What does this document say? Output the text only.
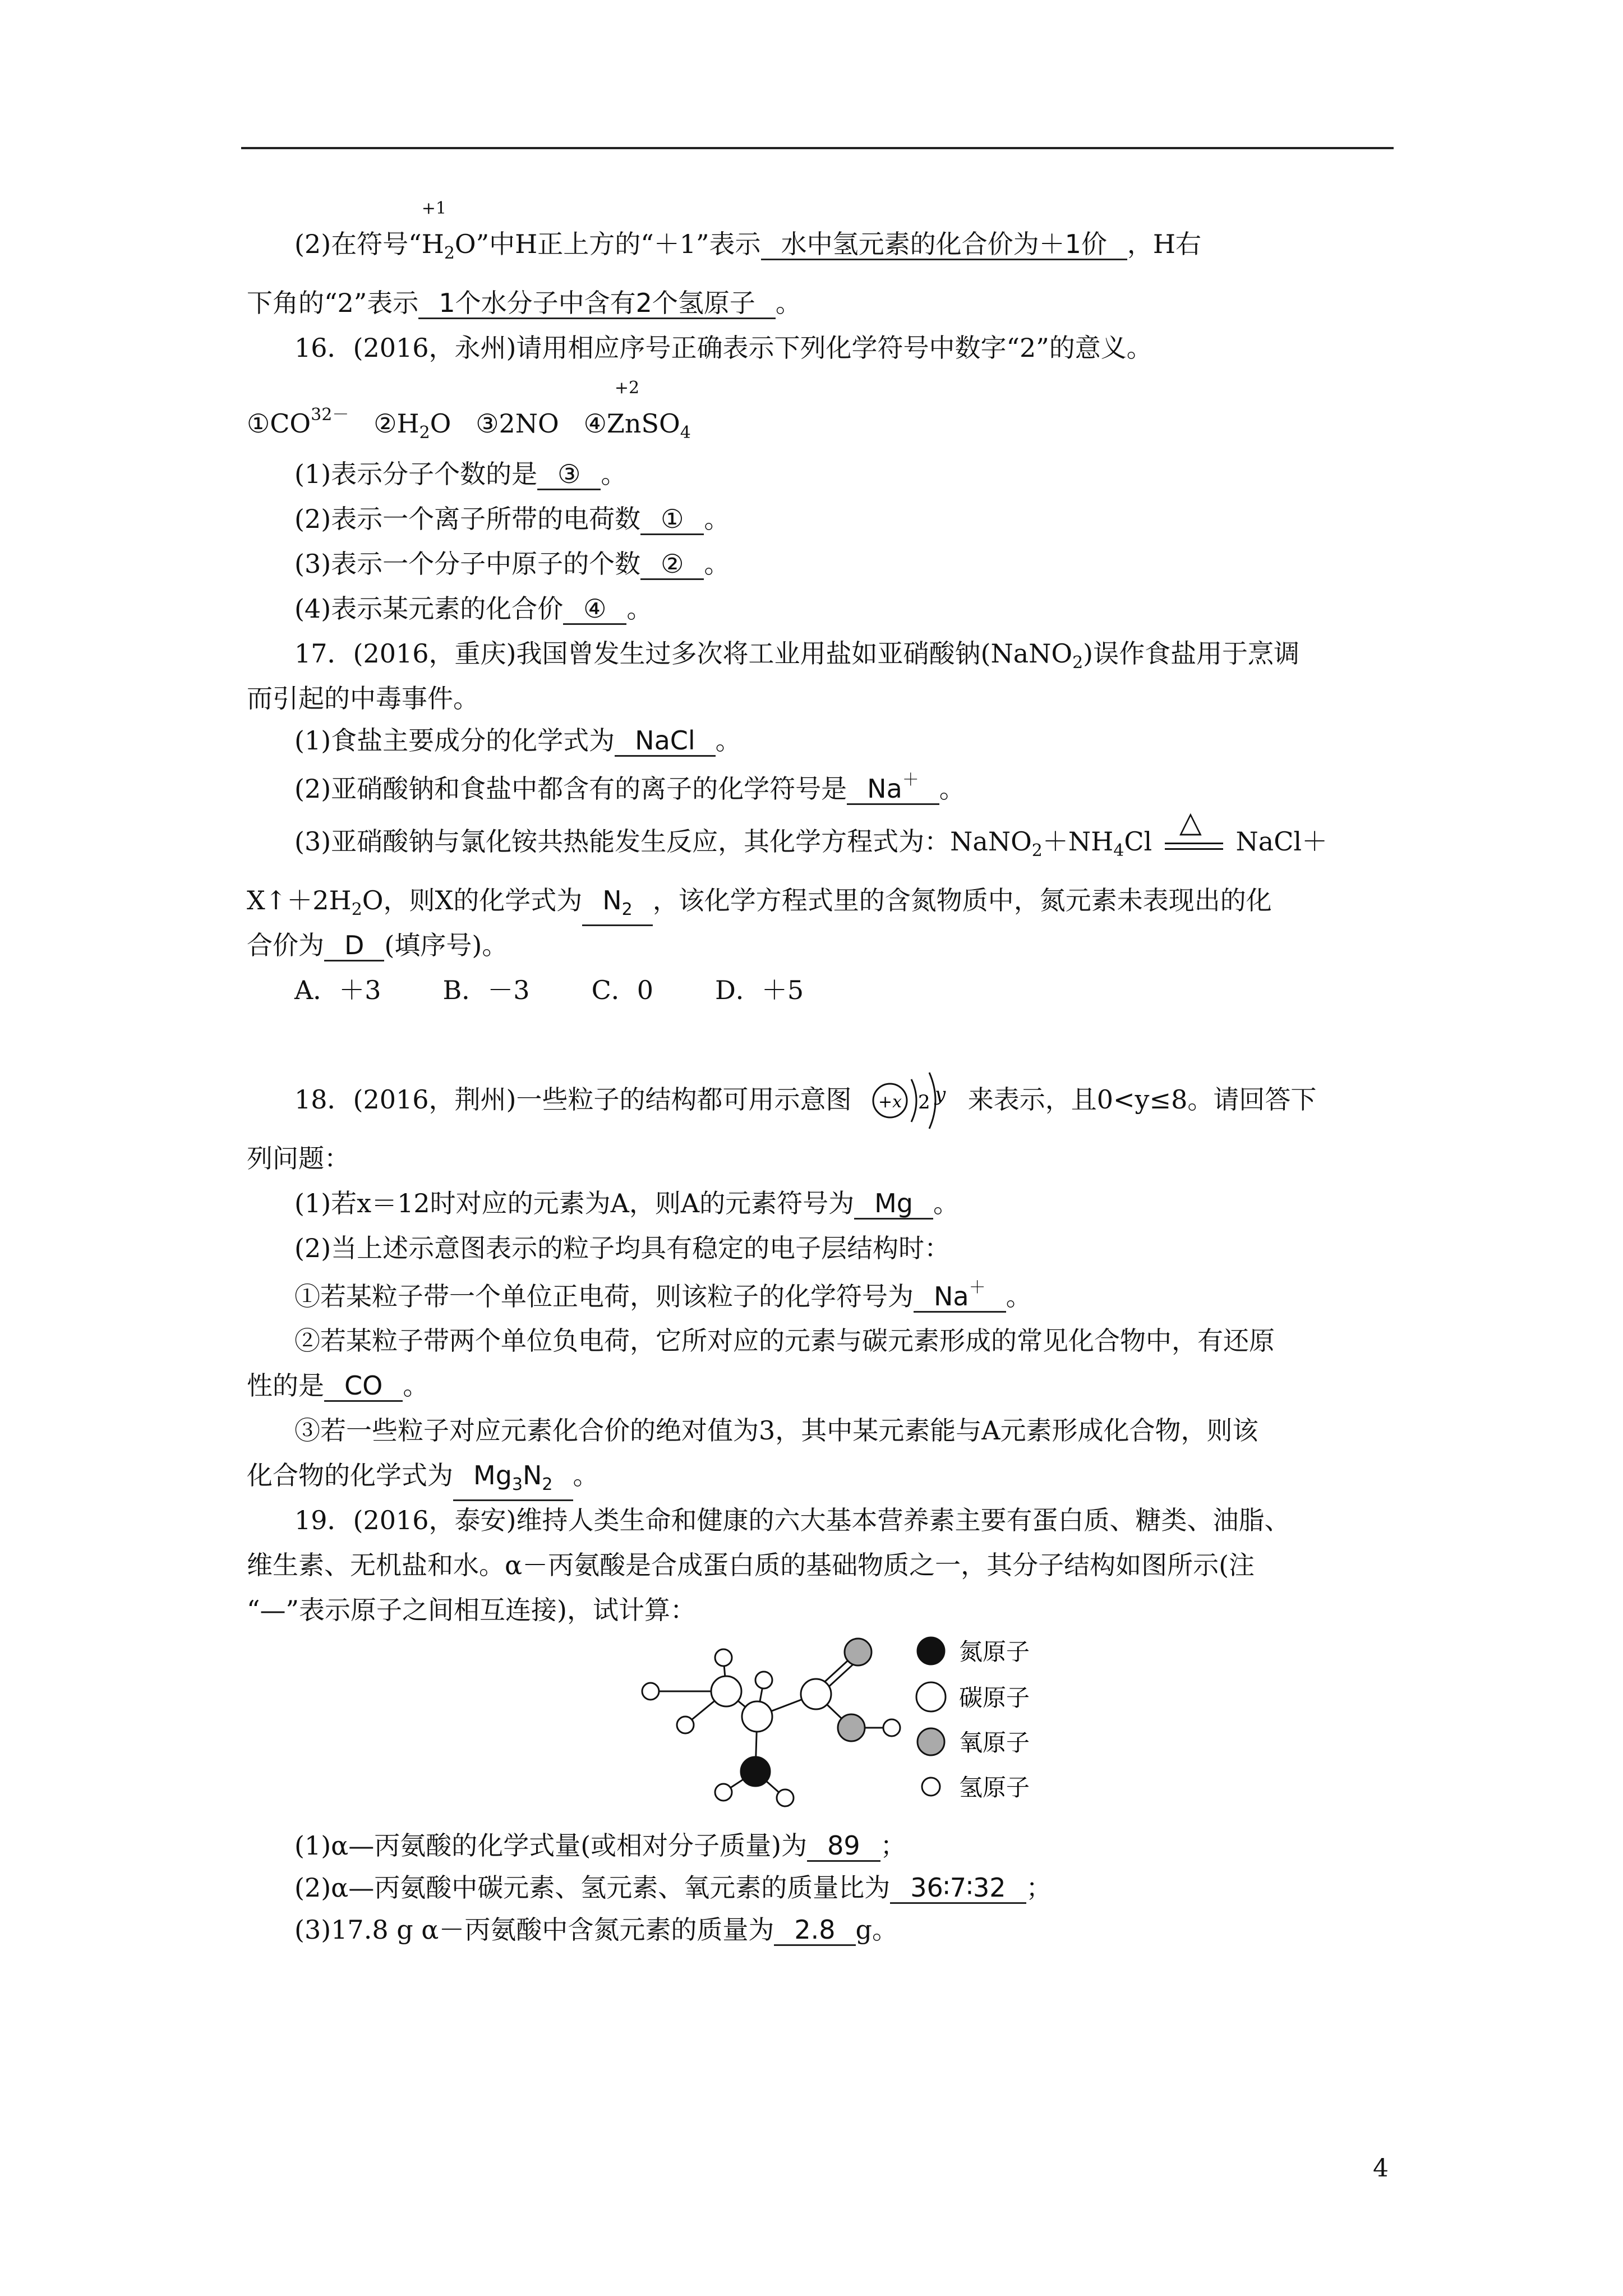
(2)在符号“
+1
$H_2O$”中H正上方的“＋1”表示 水中氢元素的化合价为＋1价 ，H右
下角的“2”表示 1个水分子中含有2个氢原子 。
16．(2016，永州)请用相应序号正确表示下列化学符号中数字“2”的意义。
$①CO^{32-}$ $②H_2O$ ③2NO ④
+2
ZnSO$_4$
(1)表示分子个数的是 ③ 。
(2)表示一个离子所带的电荷数 ① 。
(3)表示一个分子中原子的个数 ② 。
(4)表示某元素的化合价 ④ 。
17．(2016，重庆)我国曾发生过多次将工业用盐如亚硝酸钠(NaNO$_2$)误作食盐用于烹调
而引起的中毒事件。
(1)食盐主要成分的化学式为 NaCl 。
(2)亚硝酸钠和食盐中都含有的离子的化学符号是 Na＋ 。
(3)亚硝酸钠与氯化铵共热能发生反应，其化学方程式为：$NaNO_2+NH_4Cl$
△
NaCl＋
$X↑+2H_2O$，则X的化学式为 $N_2$ ，该化学方程式里的含氮物质中，氮元素未表现出的化
合价为 D (填序号)。
A．＋3 B．－3 C．0 D．＋5
18．(2016，荆州)一些粒子的结构都可用示意图 +x 2 y 来表示，且0<y≤8。请回答下
列问题：
(1)若x＝12时对应的元素为A，则A的元素符号为 Mg 。
(2)当上述示意图表示的粒子均具有稳定的电子层结构时：
①若某粒子带一个单位正电荷，则该粒子的化学符号为 Na＋ 。
②若某粒子带两个单位负电荷，它所对应的元素与碳元素形成的常见化合物中，有还原
性的是 CO 。
③若一些粒子对应元素化合价的绝对值为3，其中某元素能与A元素形成化合物，则该
化合物的化学式为 $Mg_3N_2$ 。
19．(2016，泰安)维持人类生命和健康的六大基本营养素主要有蛋白质、糖类、油脂、
维生素、无机盐和水。α－丙氨酸是合成蛋白质的基础物质之一，其分子结构如图所示(注
“—”表示原子之间相互连接)，试计算：
氮原子
碳原子
氧原子
氢原子
(1)α—丙氨酸的化学式量(或相对分子质量)为 89 ；
(2)α—丙氨酸中碳元素、氢元素、氧元素的质量比为 36∶7∶32 ；
(3)17.8 g α－丙氨酸中含氮元素的质量为 2.8 g。
4
